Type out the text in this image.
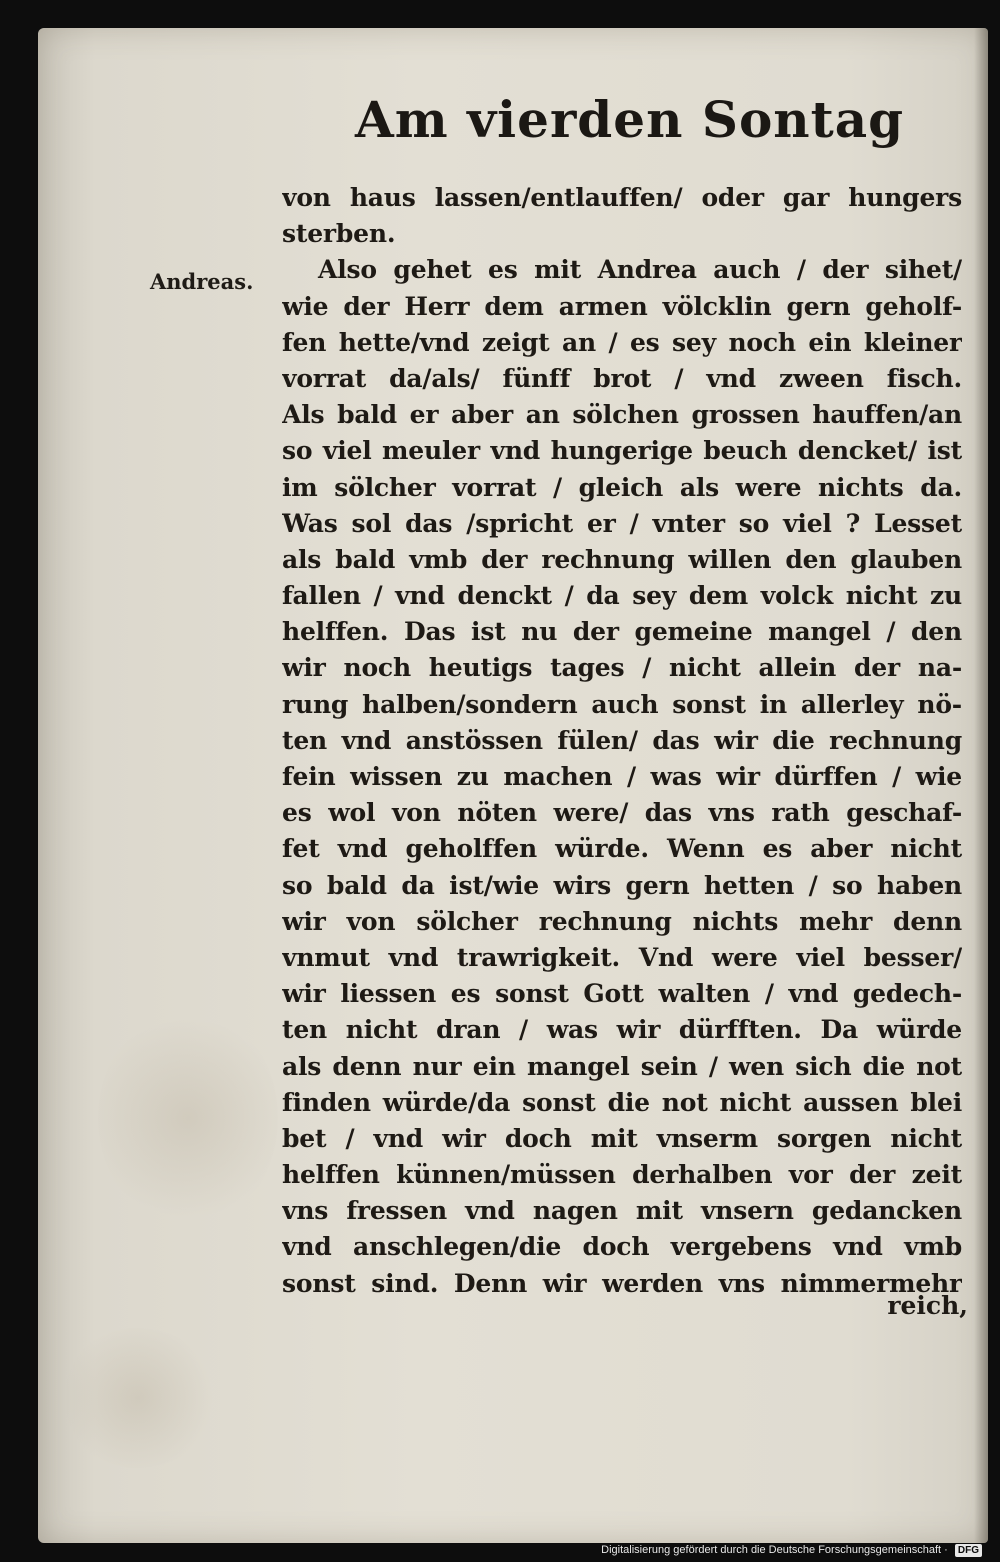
Am vierden Sontag
Andreas.
von haus lassen/entlauffen/ oder gar hungers
sterben.
Also gehet es mit Andrea auch / der sihet/
wie der Herr dem armen völcklin gern geholf-
fen hette/vnd zeigt an / es sey noch ein kleiner
vorrat da/als/ fünff brot / vnd zween fisch.
Als bald er aber an sölchen grossen hauffen/an
so viel meuler vnd hungerige beuch dencket/ ist
im sölcher vorrat / gleich als were nichts da.
Was sol das /spricht er / vnter so viel ? Lesset
als bald vmb der rechnung willen den glauben
fallen / vnd denckt / da sey dem volck nicht zu
helffen. Das ist nu der gemeine mangel / den
wir noch heutigs tages / nicht allein der na-
rung halben/sondern auch sonst in allerley nö-
ten vnd anstössen fülen/ das wir die rechnung
fein wissen zu machen / was wir dürffen / wie
es wol von nöten were/ das vns rath geschaf-
fet vnd geholffen würde. Wenn es aber nicht
so bald da ist/wie wirs gern hetten / so haben
wir von sölcher rechnung nichts mehr denn
vnmut vnd trawrigkeit. Vnd were viel besser/
wir liessen es sonst Gott walten / vnd gedech-
ten nicht dran / was wir dürfften. Da würde
als denn nur ein mangel sein / wen sich die not
finden würde/da sonst die not nicht aussen blei
bet / vnd wir doch mit vnserm sorgen nicht
helffen künnen/müssen derhalben vor der zeit
vns fressen vnd nagen mit vnsern gedancken
vnd anschlegen/die doch vergebens vnd vmb
sonst sind. Denn wir werden vns nimmermehr
reich,
Digitalisierung gefördert durch die Deutsche Forschungsgemeinschaft · DFG
